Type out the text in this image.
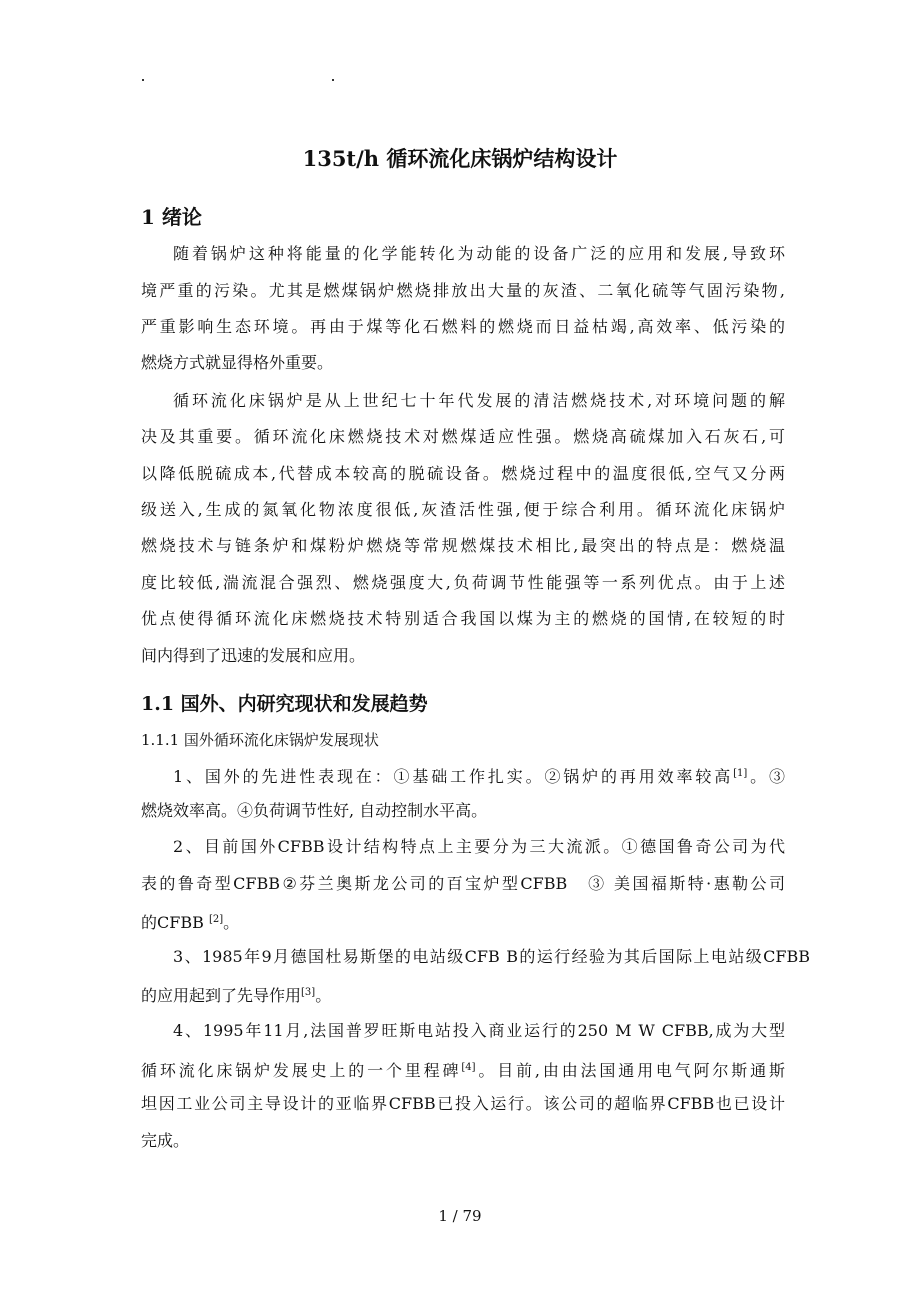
135t/h 循环流化床锅炉结构设计
1 绪论
随着锅炉这种将能量的化学能转化为动能的设备广泛的应用和发展,导致环
境严重的污染。尤其是燃煤锅炉燃烧排放出大量的灰渣、二氧化硫等气固污染物,
严重影响生态环境。再由于煤等化石燃料的燃烧而日益枯竭,高效率、低污染的
燃烧方式就显得格外重要。
循环流化床锅炉是从上世纪七十年代发展的清洁燃烧技术,对环境问题的解
决及其重要。循环流化床燃烧技术对燃煤适应性强。燃烧高硫煤加入石灰石,可
以降低脱硫成本,代替成本较高的脱硫设备。燃烧过程中的温度很低,空气又分两
级送入,生成的氮氧化物浓度很低,灰渣活性强,便于综合利用。循环流化床锅炉
燃烧技术与链条炉和煤粉炉燃烧等常规燃煤技术相比,最突出的特点是：燃烧温
度比较低,湍流混合强烈、燃烧强度大,负荷调节性能强等一系列优点。由于上述
优点使得循环流化床燃烧技术特别适合我国以煤为主的燃烧的国情,在较短的时
间内得到了迅速的发展和应用。
1、国外的先进性表现在：①基础工作扎实。②锅炉的再用效率较高[1]。③
燃烧效率高。④负荷调节性好, 自动控制水平高。
2、目前国外CFBB设计结构特点上主要分为三大流派。①德国鲁奇公司为代
表的鲁奇型CFBB②芬兰奥斯龙公司的百宝炉型CFBB　③ 美国福斯特·惠勒公司
的CFBB [2]。
3、1985年9月德国杜易斯堡的电站级CFB B的运行经验为其后国际上电站级CFBB
的应用起到了先导作用[3]。
4、1995年11月,法国普罗旺斯电站投入商业运行的250 M W CFBB,成为大型
循环流化床锅炉发展史上的一个里程碑[4]。目前,由由法国通用电气阿尔斯通斯
坦因工业公司主导设计的亚临界CFBB已投入运行。该公司的超临界CFBB也已设计
完成。
1.1 国外、内研究现状和发展趋势
1.1.1 国外循环流化床锅炉发展现状
1 / 79
